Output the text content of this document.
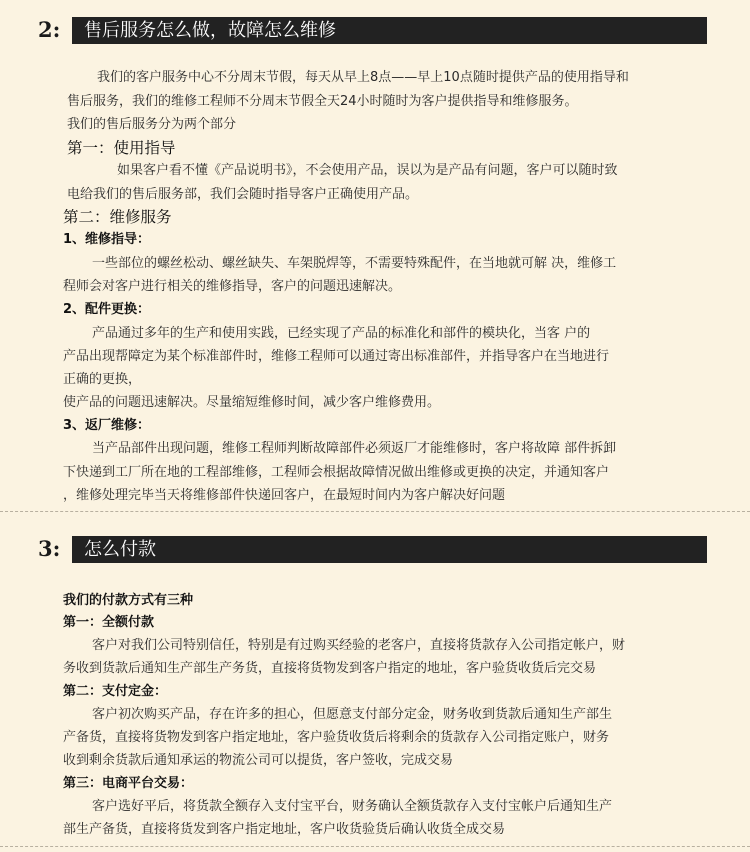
2: 售后服务怎么做，故障怎么维修
我们的客户服务中心不分周末节假，每天从早上8点——早上10点随时提供产品的使用指导和
售后服务，我们的维修工程师不分周末节假全天24小时随时为客户提供指导和维修服务。
我们的售后服务分为两个部分
第一：使用指导
如果客户看不懂《产品说明书》，不会使用产品，误以为是产品有问题，客户可以随时致
电给我们的售后服务部，我们会随时指导客户正确使用产品。
第二：维修服务
1、维修指导：
一些部位的螺丝松动、螺丝缺失、车架脱焊等，不需要特殊配件，在当地就可解 决，维修工
程师会对客户进行相关的维修指导，客户的问题迅速解决。
2、配件更换：
产品通过多年的生产和使用实践，已经实现了产品的标准化和部件的模块化，当客 户的
产品出现帮障定为某个标准部件时，维修工程师可以通过寄出标准部件，并指导客户在当地进行
正确的更换，
使产品的问题迅速解决。尽量缩短维修时间，减少客户维修费用。
3、返厂维修：
当产品部件出现问题，维修工程师判断故障部件必须返厂才能维修时，客户将故障 部件拆卸
下快递到工厂所在地的工程部维修，工程师会根据故障情况做出维修或更换的决定，并通知客户
，维修处理完毕当天将维修部件快递回客户，在最短时间内为客户解决好问题
3: 怎么付款
我们的付款方式有三种
第一：全额付款
客户对我们公司特别信任，特别是有过购买经验的老客户，直接将货款存入公司指定帐户，财
务收到货款后通知生产部生产务货，直接将货物发到客户指定的地址，客户验货收货后完交易
第二：支付定金：
客户初次购买产品，存在许多的担心，但愿意支付部分定金，财务收到货款后通知生产部生
产备货，直接将货物发到客户指定地址，客户验货收货后将剩余的货款存入公司指定账户，财务
收到剩余货款后通知承运的物流公司可以提货，客户签收，完成交易
第三：电商平台交易：
客户选好平后，将货款全额存入支付宝平台，财务确认全额货款存入支付宝帐户后通知生产
部生产备货，直接将货发到客户指定地址，客户收货验货后确认收货全成交易
